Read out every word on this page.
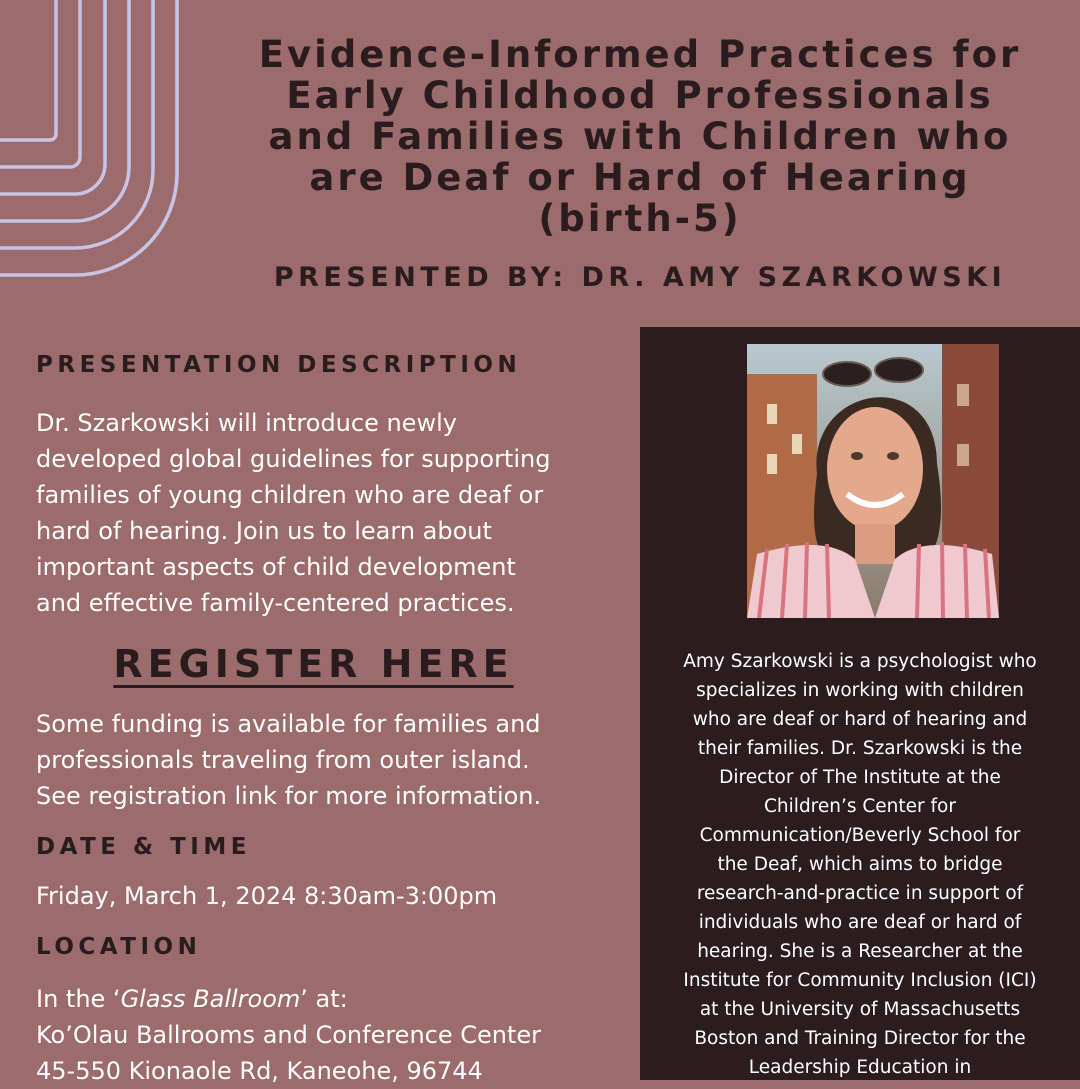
Evidence-Informed Practices for
Early Childhood Professionals
and Families with Children who
are Deaf or Hard of Hearing
(birth-5)
PRESENTED BY: DR. AMY SZARKOWSKI
PRESENTATION DESCRIPTION
Dr. Szarkowski will introduce newly
developed global guidelines for supporting
families of young children who are deaf or
hard of hearing. Join us to learn about
important aspects of child development
and effective family-centered practices.
REGISTER HERE
Some funding is available for families and
professionals traveling from outer island.
See registration link for more information.
DATE & TIME
Friday, March 1, 2024 8:30am-3:00pm
LOCATION
In the ‘Glass Ballroom’ at:
Ko’Olau Ballrooms and Conference Center
45-550 Kionaole Rd, Kaneohe, 96744
Amy Szarkowski is a psychologist who
specializes in working with children
who are deaf or hard of hearing and
their families. Dr. Szarkowski is the
Director of The Institute at the
Children’s Center for
Communication/Beverly School for
the Deaf, which aims to bridge
research-and-practice in support of
individuals who are deaf or hard of
hearing. She is a Researcher at the
Institute for Community Inclusion (ICI)
at the University of Massachusetts
Boston and Training Director for the
Leadership Education in
